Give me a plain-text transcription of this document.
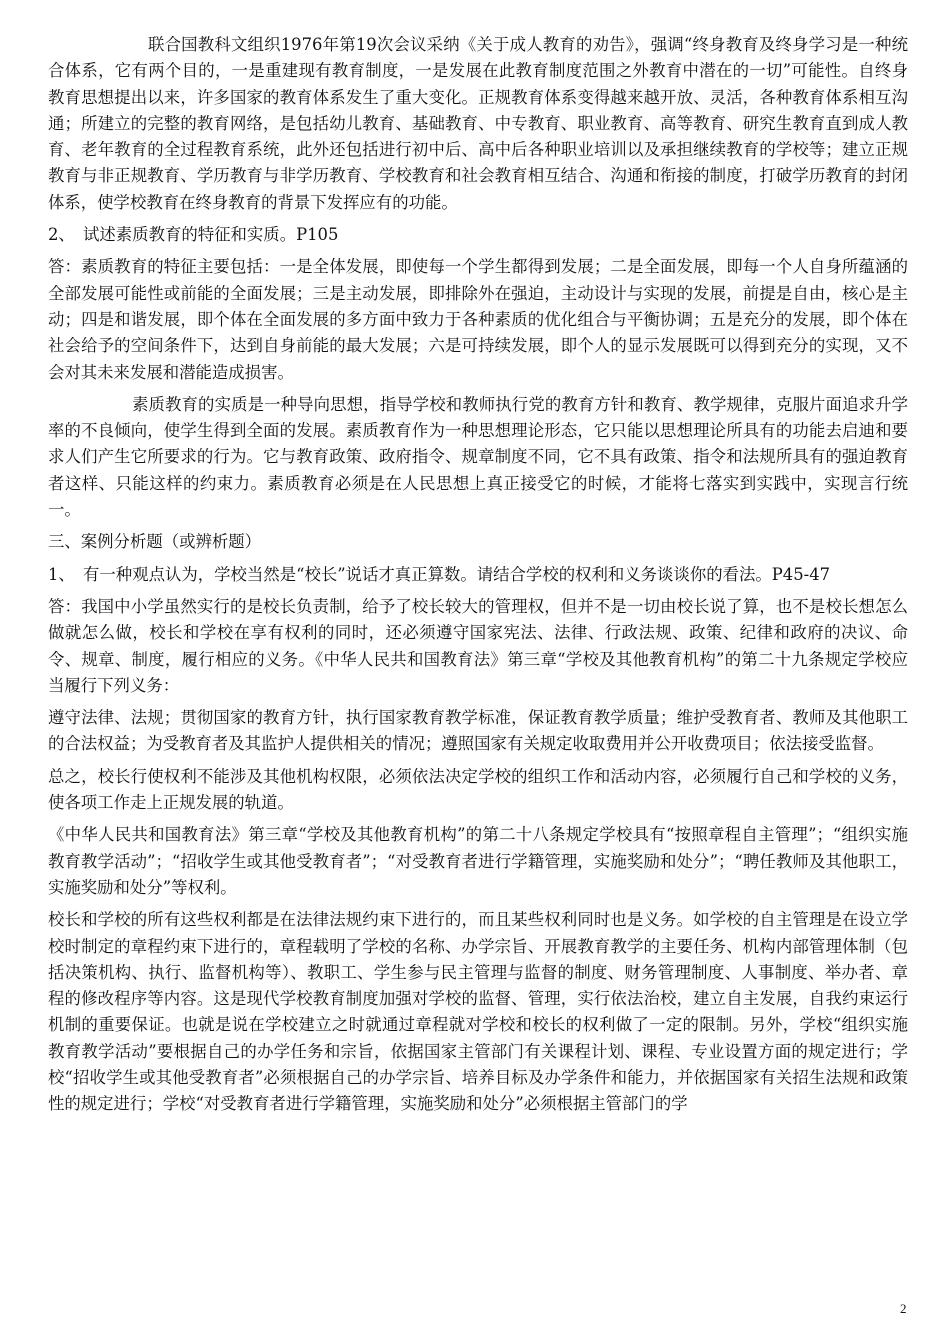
联合国教科文组织1976年第19次会议采纳《关于成人教育的劝告》，强调“终身教育及终身学习是一种统合体系，它有两个目的，一是重建现有教育制度，一是发展在此教育制度范围之外教育中潜在的一切”可能性。自终身教育思想提出以来，许多国家的教育体系发生了重大变化。正规教育体系变得越来越开放、灵活，各种教育体系相互沟通；所建立的完整的教育网络，是包括幼儿教育、基础教育、中专教育、职业教育、高等教育、研究生教育直到成人教育、老年教育的全过程教育系统，此外还包括进行初中后、高中后各种职业培训以及承担继续教育的学校等；建立正规教育与非正规教育、学历教育与非学历教育、学校教育和社会教育相互结合、沟通和衔接的制度，打破学历教育的封闭体系，使学校教育在终身教育的背景下发挥应有的功能。

2、　试述素质教育的特征和实质。P105

答：素质教育的特征主要包括：一是全体发展，即使每一个学生都得到发展；二是全面发展，即每一个人自身所蕴涵的全部发展可能性或前能的全面发展；三是主动发展，即排除外在强迫，主动设计与实现的发展，前提是自由，核心是主动；四是和谐发展，即个体在全面发展的多方面中致力于各种素质的优化组合与平衡协调；五是充分的发展，即个体在社会给予的空间条件下，达到自身前能的最大发展；六是可持续发展，即个人的显示发展既可以得到充分的实现，又不会对其未来发展和潜能造成损害。

素质教育的实质是一种导向思想，指导学校和教师执行党的教育方针和教育、教学规律，克服片面追求升学率的不良倾向，使学生得到全面的发展。素质教育作为一种思想理论形态，它只能以思想理论所具有的功能去启迪和要求人们产生它所要求的行为。它与教育政策、政府指令、规章制度不同，它不具有政策、指令和法规所具有的强迫教育者这样、只能这样的约束力。素质教育必须是在人民思想上真正接受它的时候，才能将七落实到实践中，实现言行统一。

三、案例分析题（或辨析题）

1、　有一种观点认为，学校当然是“校长”说话才真正算数。请结合学校的权利和义务谈谈你的看法。P45-47

答：我国中小学虽然实行的是校长负责制，给予了校长较大的管理权，但并不是一切由校长说了算，也不是校长想怎么做就怎么做，校长和学校在享有权利的同时，还必须遵守国家宪法、法律、行政法规、政策、纪律和政府的决议、命令、规章、制度，履行相应的义务。《中华人民共和国教育法》第三章“学校及其他教育机构”的第二十九条规定学校应当履行下列义务：

遵守法律、法规；贯彻国家的教育方针，执行国家教育教学标准，保证教育教学质量；维护受教育者、教师及其他职工的合法权益；为受教育者及其监护人提供相关的情况；遵照国家有关规定收取费用并公开收费项目；依法接受监督。

总之，校长行使权利不能涉及其他机构权限，必须依法决定学校的组织工作和活动内容，必须履行自己和学校的义务，使各项工作走上正规发展的轨道。

《中华人民共和国教育法》第三章“学校及其他教育机构”的第二十八条规定学校具有“按照章程自主管理”；“组织实施教育教学活动”；“招收学生或其他受教育者”；“对受教育者进行学籍管理，实施奖励和处分”；“聘任教师及其他职工，实施奖励和处分”等权利。

校长和学校的所有这些权利都是在法律法规约束下进行的，而且某些权利同时也是义务。如学校的自主管理是在设立学校时制定的章程约束下进行的，章程载明了学校的名称、办学宗旨、开展教育教学的主要任务、机构内部管理体制（包括决策机构、执行、监督机构等）、教职工、学生参与民主管理与监督的制度、财务管理制度、人事制度、举办者、章程的修改程序等内容。这是现代学校教育制度加强对学校的监督、管理，实行依法治校，建立自主发展，自我约束运行机制的重要保证。也就是说在学校建立之时就通过章程就对学校和校长的权利做了一定的限制。另外，学校“组织实施教育教学活动”要根据自己的办学任务和宗旨，依据国家主管部门有关课程计划、课程、专业设置方面的规定进行；学校“招收学生或其他受教育者”必须根据自己的办学宗旨、培养目标及办学条件和能力，并依据国家有关招生法规和政策性的规定进行；学校“对受教育者进行学籍管理，实施奖励和处分”必须根据主管部门的学

2
